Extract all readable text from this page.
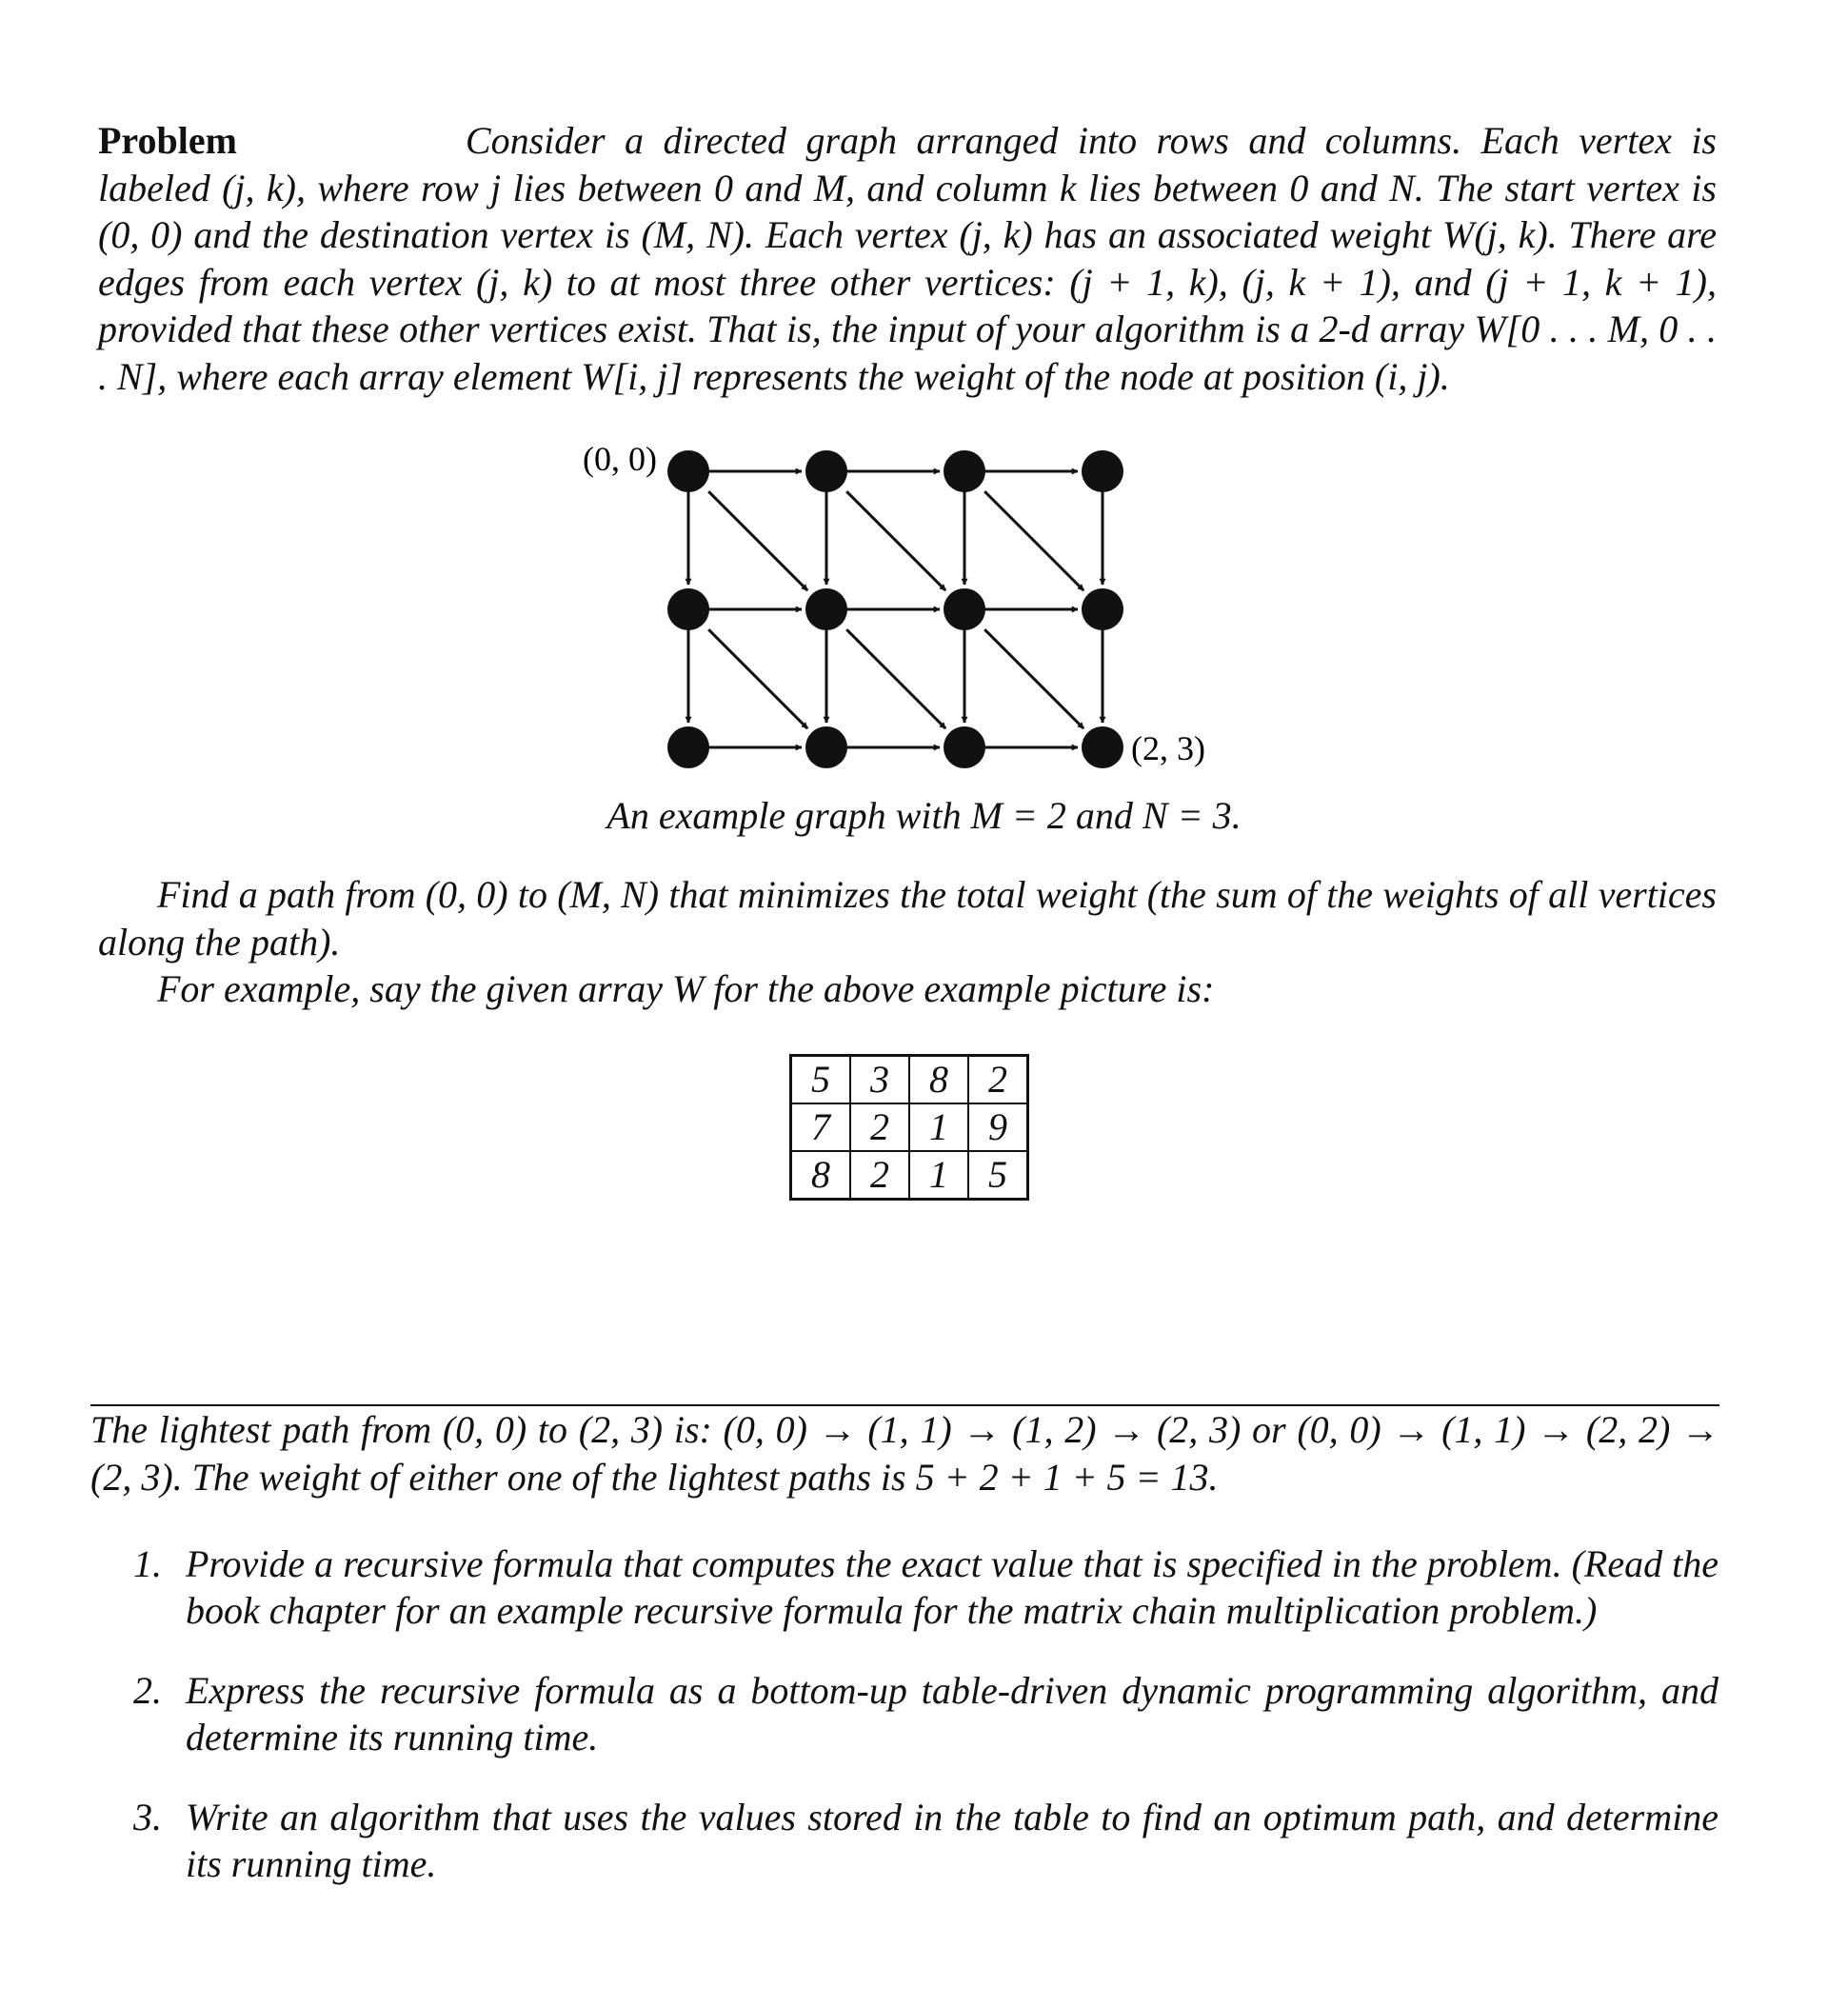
Problem	Consider a directed graph arranged into rows and columns. Each vertex is labeled (j, k), where row j lies between 0 and M, and column k lies between 0 and N. The start vertex is (0, 0) and the destination vertex is (M, N). Each vertex (j, k) has an associated weight W(j, k). There are edges from each vertex (j, k) to at most three other vertices: (j + 1, k), (j, k + 1), and (j + 1, k + 1), provided that these other vertices exist. That is, the input of your algorithm is a 2-d array W[0 . . . M, 0 . . . N], where each array element W[i, j] represents the weight of the node at position (i, j).

(0, 0)
(2, 3)

An example graph with M = 2 and N = 3.

Find a path from (0, 0) to (M, N) that minimizes the total weight (the sum of the weights of all vertices along the path).

For example, say the given array W for the above example picture is:

5	3	8	2
7	2	1	9
8	2	1	5

The lightest path from (0, 0) to (2, 3) is: (0, 0) → (1, 1) → (1, 2) → (2, 3) or (0, 0) → (1, 1) → (2, 2) → (2, 3). The weight of either one of the lightest paths is 5 + 2 + 1 + 5 = 13.

1. Provide a recursive formula that computes the exact value that is specified in the problem. (Read the book chapter for an example recursive formula for the matrix chain multiplication problem.)
2. Express the recursive formula as a bottom-up table-driven dynamic programming algorithm, and determine its running time.
3. Write an algorithm that uses the values stored in the table to find an optimum path, and determine its running time.
